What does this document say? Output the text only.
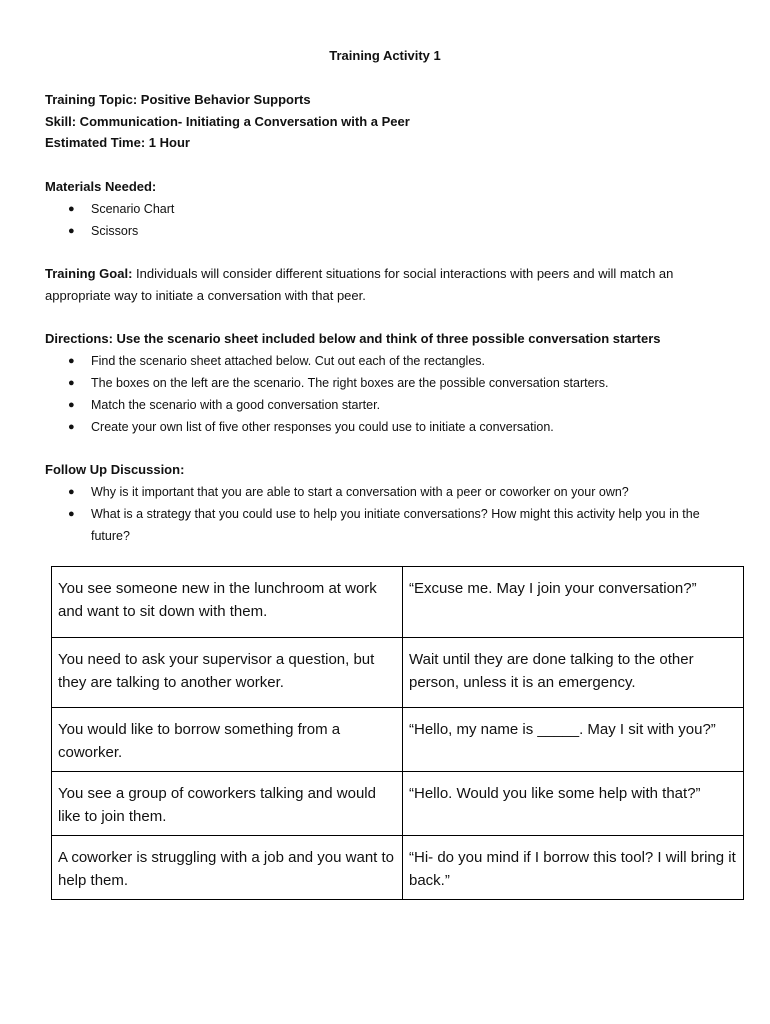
Training Activity 1
Training Topic: Positive Behavior Supports
Skill: Communication- Initiating a Conversation with a Peer
Estimated Time: 1 Hour
Materials Needed:
● Scenario Chart
● Scissors
Training Goal: Individuals will consider different situations for social interactions with peers and will match an appropriate way to initiate a conversation with that peer.
Directions: Use the scenario sheet included below and think of three possible conversation starters
● Find the scenario sheet attached below. Cut out each of the rectangles.
● The boxes on the left are the scenario. The right boxes are the possible conversation starters.
● Match the scenario with a good conversation starter.
● Create your own list of five other responses you could use to initiate a conversation.
Follow Up Discussion:
● Why is it important that you are able to start a conversation with a peer or coworker on your own?
● What is a strategy that you could use to help you initiate conversations? How might this activity help you in the future?
You see someone new in the lunchroom at work and want to sit down with them.	“Excuse me. May I join your conversation?”
You need to ask your supervisor a question, but they are talking to another worker.	Wait until they are done talking to the other person, unless it is an emergency.
You would like to borrow something from a coworker.	“Hello, my name is _____. May I sit with you?”
You see a group of coworkers talking and would like to join them.	“Hello. Would you like some help with that?”
A coworker is struggling with a job and you want to help them.	“Hi- do you mind if I borrow this tool? I will bring it back.”
